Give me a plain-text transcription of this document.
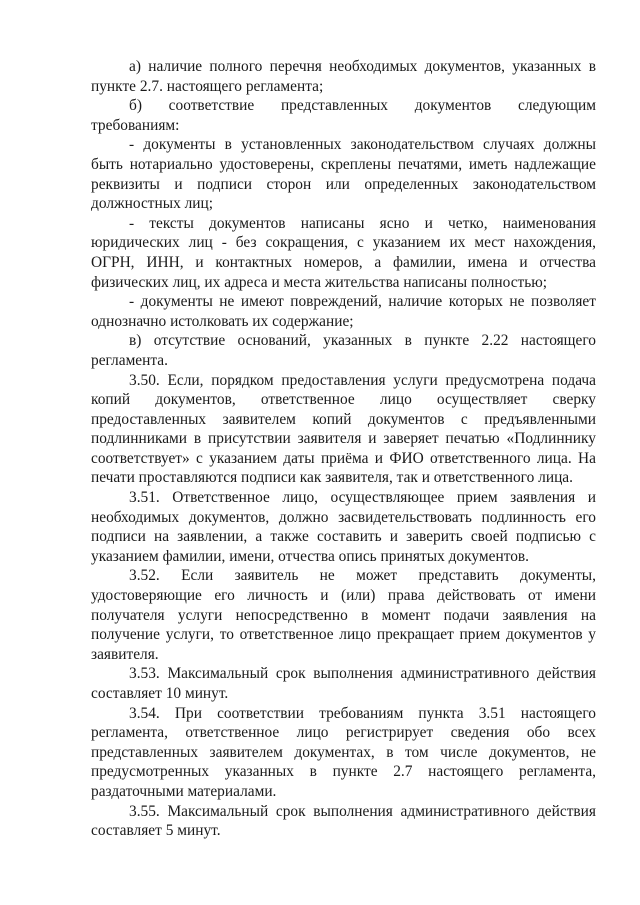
а) наличие полного перечня необходимых документов, указанных в пункте 2.7. настоящего регламента;

б) соответствие представленных документов следующим требованиям:

- документы в установленных законодательством случаях должны быть нотариально удостоверены, скреплены печатями, иметь надлежащие реквизиты и подписи сторон или определенных законодательством должностных лиц;

- тексты документов написаны ясно и четко, наименования юридических лиц - без сокращения, с указанием их мест нахождения, ОГРН, ИНН, и контактных номеров, а фамилии, имена и отчества физических лиц, их адреса и места жительства написаны полностью;

- документы не имеют повреждений, наличие которых не позволяет однозначно истолковать их содержание;

в) отсутствие оснований, указанных в пункте 2.22 настоящего регламента.

3.50. Если, порядком предоставления услуги предусмотрена подача копий документов, ответственное лицо осуществляет сверку предоставленных заявителем копий документов с предъявленными подлинниками в присутствии заявителя и заверяет печатью «Подлиннику соответствует» с указанием даты приёма и ФИО ответственного лица. На печати проставляются подписи как заявителя, так и ответственного лица.

3.51. Ответственное лицо, осуществляющее прием заявления и необходимых документов, должно засвидетельствовать подлинность его подписи на заявлении, а также составить и заверить своей подписью с указанием фамилии, имени, отчества опись принятых документов.

3.52. Если заявитель не может представить документы, удостоверяющие его личность и (или) права действовать от имени получателя услуги непосредственно в момент подачи заявления на получение услуги, то ответственное лицо прекращает прием документов у заявителя.

3.53. Максимальный срок выполнения административного действия составляет 10 минут.

3.54. При соответствии требованиям пункта 3.51 настоящего регламента, ответственное лицо регистрирует сведения обо всех представленных заявителем документах, в том числе документов, не предусмотренных указанных в пункте 2.7 настоящего регламента, раздаточными материалами.

3.55. Максимальный срок выполнения административного действия составляет 5 минут.
